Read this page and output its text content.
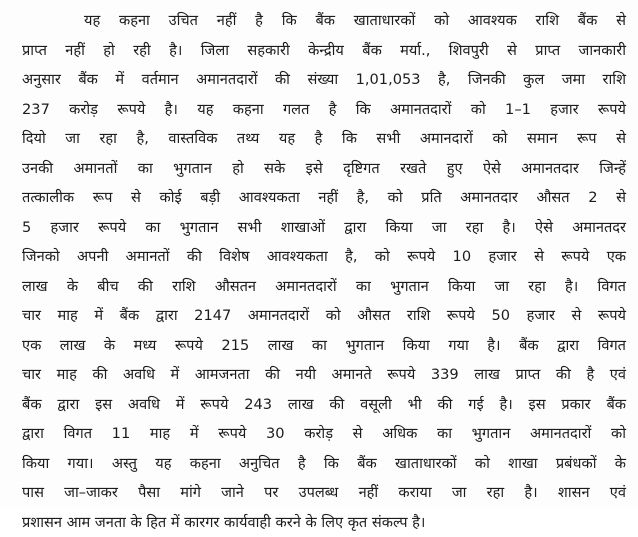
यह कहना उचित नहीं है कि बैंक खाताधारकों को आवश्यक राशि बैंक से
प्राप्त नहीं हो रही है। जिला सहकारी केन्द्रीय बैंक मर्या., शिवपुरी से प्राप्त जानकारी
अनुसार बैंक में वर्तमान अमानतदारों की संख्या 1,01,053 है, जिनकी कुल जमा राशि
237 करोड़ रूपये है। यह कहना गलत है कि अमानतदारों को 1–1 हजार रूपये
दियो जा रहा है, वास्तविक तथ्य यह है कि सभी अमानदारों को समान रूप से
उनकी अमानतों का भुगतान हो सके इसे दृष्टिगत रखते हुए ऐसे अमानतदार जिन्हें
तत्कालीक रूप से कोई बड़ी आवश्यकता नहीं है, को प्रति अमानतदार औसत 2 से
5 हजार रूपये का भुगतान सभी शाखाओं द्वारा किया जा रहा है। ऐसे अमानतदर
जिनको अपनी अमानतों की विशेष आवश्यकता है, को रूपये 10 हजार से रूपये एक
लाख के बीच की राशि औसतन अमानतदारों का भुगतान किया जा रहा है। विगत
चार माह में बैंक द्वारा 2147 अमानतदारों को औसत राशि रूपये 50 हजार से रूपये
एक लाख के मध्य रूपये 215 लाख का भुगतान किया गया है। बैंक द्वारा विगत
चार माह की अवधि में आमजनता की नयी अमानते रूपये 339 लाख प्राप्त की है एवं
बैंक द्वारा इस अवधि में रूपये 243 लाख की वसूली भी की गई है। इस प्रकार बैंक
द्वारा विगत 11 माह में रूपये 30 करोड़ से अधिक का भुगतान अमानतदारों को
किया गया। अस्तु यह कहना अनुचित है कि बैंक खाताधारकों को शाखा प्रबंधकों के
पास जा–जाकर पैसा मांगे जाने पर उपलब्ध नहीं कराया जा रहा है। शासन एवं
प्रशासन आम जनता के हित में कारगर कार्यवाही करने के लिए कृत संकल्प है।
